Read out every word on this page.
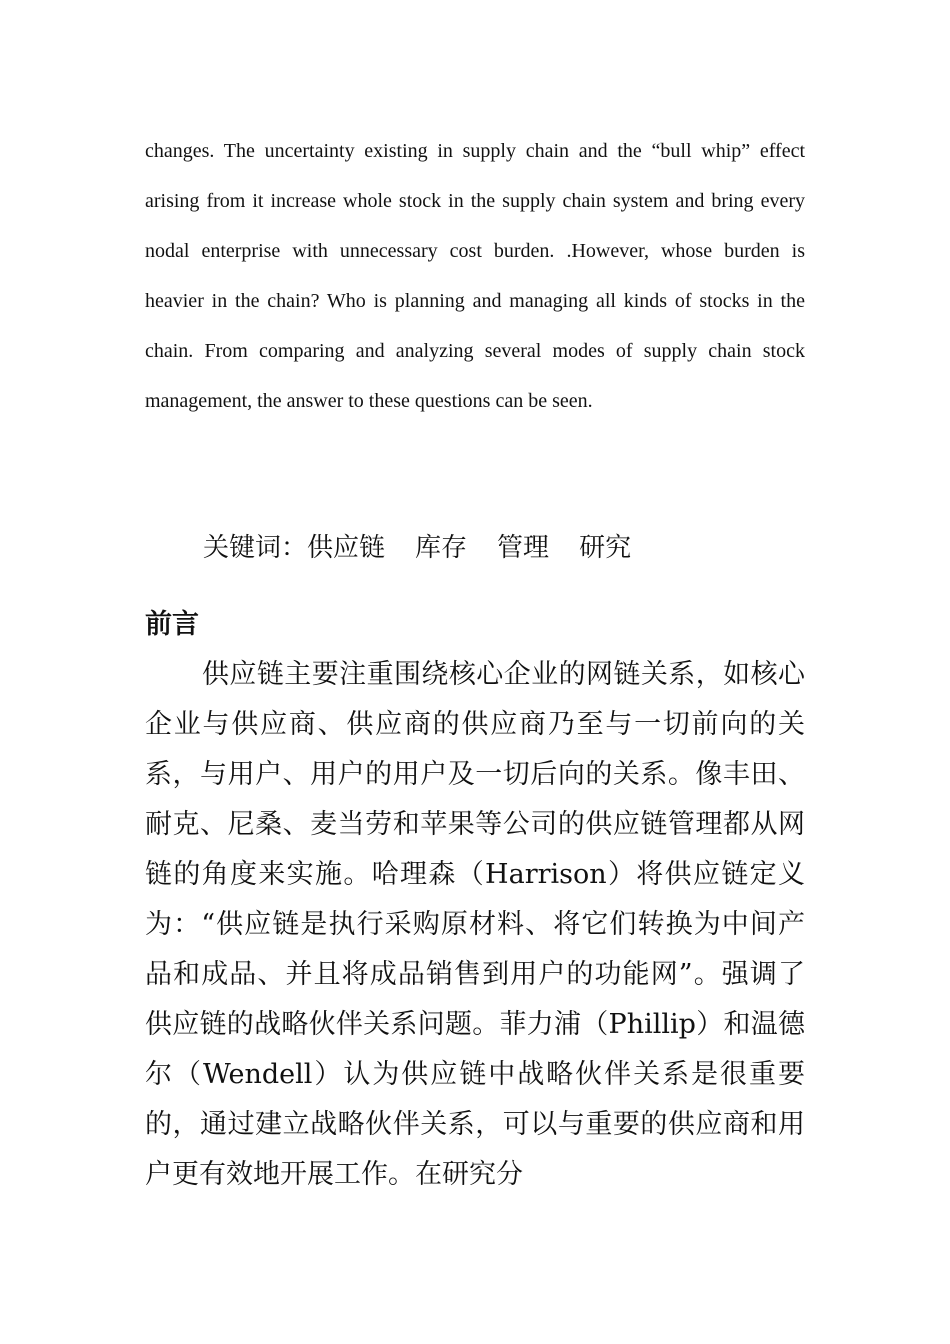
changes. The uncertainty existing in supply chain and the “bull whip” effect arising from it increase whole stock in the supply chain system and bring every nodal enterprise with unnecessary cost burden. .However, whose burden is heavier in the chain? Who is planning and managing all kinds of stocks in the chain. From comparing and analyzing several modes of supply chain stock management, the answer to these questions can be seen.

关键词：供应链 库存 管理 研究

前言

供应链主要注重围绕核心企业的网链关系，如核心企业与供应商、供应商的供应商乃至与一切前向的关系，与用户、用户的用户及一切后向的关系。像丰田、耐克、尼桑、麦当劳和苹果等公司的供应链管理都从网链的角度来实施。哈理森（Harrison）将供应链定义为：“供应链是执行采购原材料、将它们转换为中间产品和成品、并且将成品销售到用户的功能网”。强调了供应链的战略伙伴关系问题。菲力浦（Phillip）和温德尔（Wendell）认为供应链中战略伙伴关系是很重要的，通过建立战略伙伴关系，可以与重要的供应商和用户更有效地开展工作。在研究分
